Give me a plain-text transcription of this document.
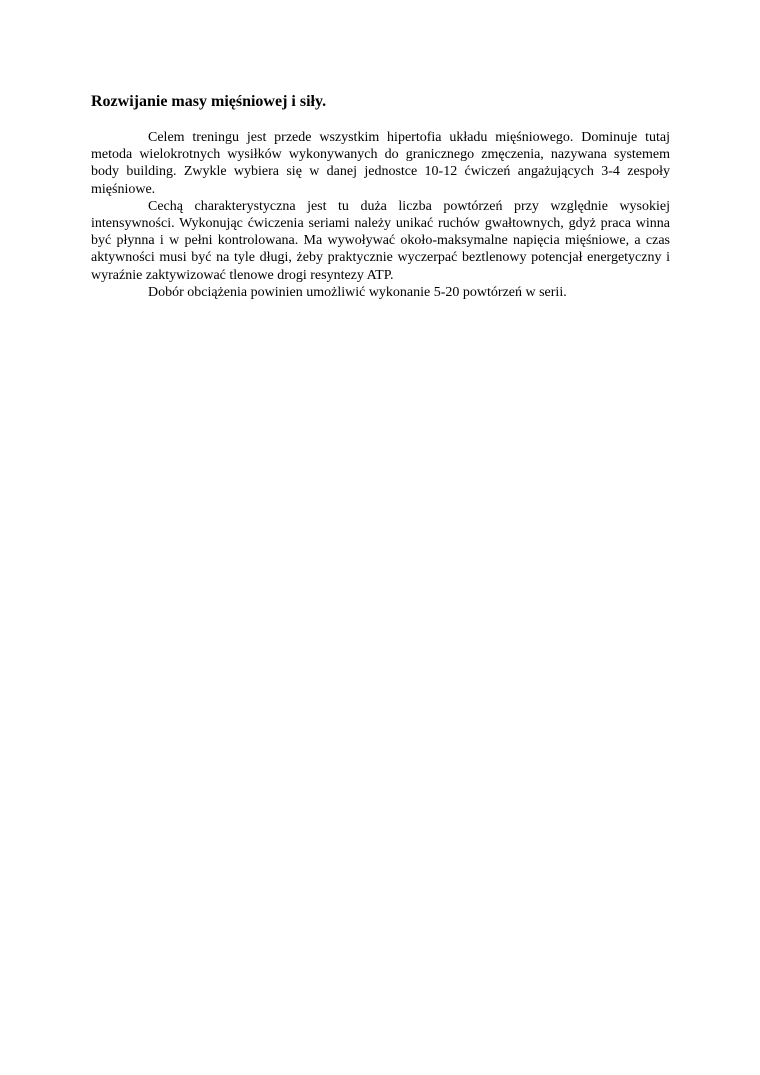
Rozwijanie masy mięśniowej i siły.

Celem treningu jest przede wszystkim hipertofia układu mięśniowego. Dominuje tutaj metoda wielokrotnych wysiłków wykonywanych do granicznego zmęczenia, nazywana systemem body building. Zwykle wybiera się w danej jednostce 10-12 ćwiczeń angażujących 3-4 zespoły mięśniowe.

Cechą charakterystyczna jest tu duża liczba powtórzeń przy względnie wysokiej intensywności. Wykonując ćwiczenia seriami należy unikać ruchów gwałtownych, gdyż praca winna być płynna i w pełni kontrolowana. Ma wywoływać około-maksymalne napięcia mięśniowe, a czas aktywności musi być na tyle długi, żeby praktycznie wyczerpać beztlenowy potencjał energetyczny i wyraźnie zaktywizować tlenowe drogi resyntezy ATP.

Dobór obciążenia powinien umożliwić wykonanie 5-20 powtórzeń w serii.
